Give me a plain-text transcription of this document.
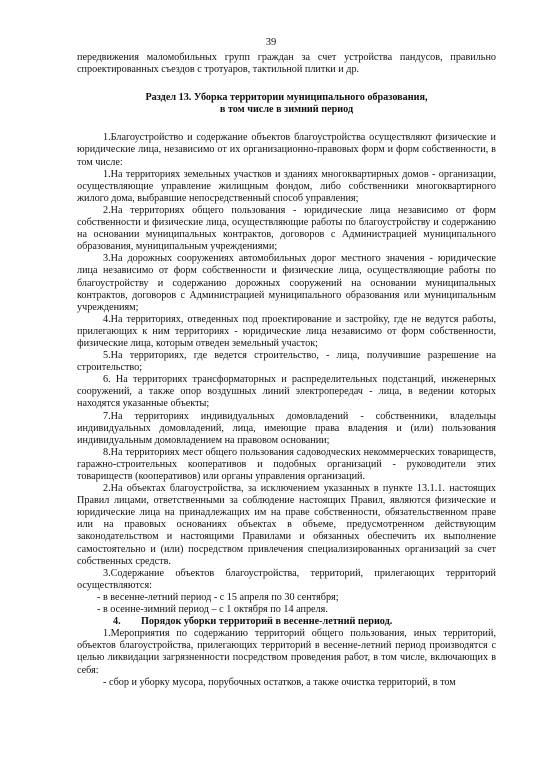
39

передвижения маломобильных групп граждан за счет устройства пандусов, правильно спроектированных съездов с тротуаров, тактильной плитки и др.

Раздел 13. Уборка территории муниципального образования,
в том числе в зимний период

1.Благоустройство и содержание объектов благоустройства осуществляют физические и юридические лица, независимо от их организационно-правовых форм и форм собственности, в том числе:

1.На территориях земельных участков и зданиях многоквартирных домов - организации, осуществляющие управление жилищным фондом, либо собственники многоквартирного жилого дома, выбравшие непосредственный способ управления;

2.На территориях общего пользования - юридические лица независимо от форм собственности и физические лица, осуществляющие работы по благоустройству и содержанию на основании муниципальных контрактов, договоров с Администрацией муниципального образования, муниципальным учреждениями;

3.На дорожных сооружениях автомобильных дорог местного значения - юридические лица независимо от форм собственности и физические лица, осуществляющие работы по благоустройству и содержанию дорожных сооружений на основании муниципальных контрактов, договоров с Администрацией муниципального образования или муниципальным учреждениям;

4.На территориях, отведенных под проектирование и застройку, где не ведутся работы, прилегающих к ним территориях - юридические лица независимо от форм собственности, физические лица, которым отведен земельный участок;

5.На территориях, где ведется строительство, - лица, получившие разрешение на строительство;

6. На территориях трансформаторных и распределительных подстанций, инженерных сооружений, а также опор воздушных линий электропередач - лица, в ведении которых находятся указанные объекты;

7.На территориях индивидуальных домовладений - собственники, владельцы индивидуальных домовладений, лица, имеющие права владения и (или) пользования индивидуальным домовладением на правовом основании;

8.На территориях мест общего пользования садоводческих некоммерческих товариществ, гаражно-строительных кооперативов и подобных организаций - руководители этих товариществ (кооперативов) или органы управления организаций.

2.На объектах благоустройства, за исключением указанных в пункте 13.1.1. настоящих Правил лицами, ответственными за соблюдение настоящих Правил, являются физические и юридические лица на принадлежащих им на праве собственности, обязательственном праве или на правовых основаниях объектах в объеме, предусмотренном действующим законодательством и настоящими Правилами и обязанных обеспечить их выполнение самостоятельно и (или) посредством привлечения специализированных организаций за счет собственных средств.

3.Содержание объектов благоустройства, территорий, прилегающих территорий осуществляются:

- в весенне-летний период - с 15 апреля по 30 сентября;

- в осенне-зимний период – с 1 октября по 14 апреля.

4. Порядок уборки территорий в весенне-летний период.

1.Мероприятия по содержанию территорий общего пользования, иных территорий, объектов благоустройства, прилегающих территорий в весенне-летний период производятся с целью ликвидации загрязненности посредством проведения работ, в том числе, включающих в себя:

- сбор и уборку мусора, порубочных остатков, а также очистка территорий, в том
